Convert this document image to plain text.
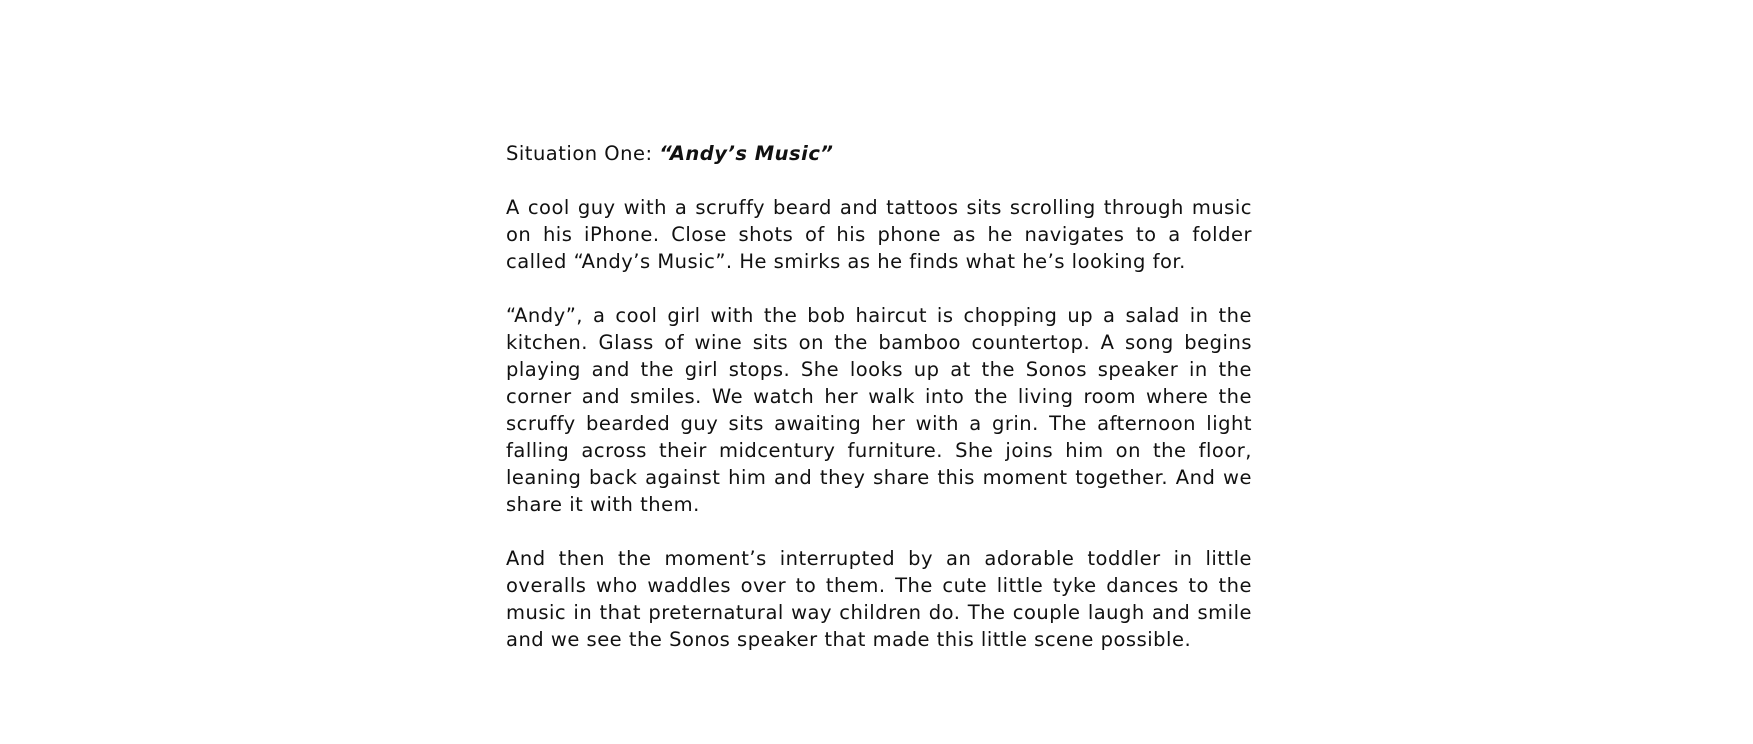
Situation One: “Andy’s Music”

A cool guy with a scruffy beard and tattoos sits scrolling through music on his iPhone. Close shots of his phone as he navigates to a folder called “Andy’s Music”. He smirks as he finds what he’s looking for.

“Andy”, a cool girl with the bob haircut is chopping up a salad in the kitchen. Glass of wine sits on the bamboo countertop. A song begins playing and the girl stops. She looks up at the Sonos speaker in the corner and smiles. We watch her walk into the living room where the scruffy bearded guy sits awaiting her with a grin. The afternoon light falling across their midcentury furniture. She joins him on the floor, leaning back against him and they share this moment together. And we share it with them.

And then the moment’s interrupted by an adorable toddler in little overalls who waddles over to them. The cute little tyke dances to the music in that preternatural way children do. The couple laugh and smile and we see the Sonos speaker that made this little scene possible.
